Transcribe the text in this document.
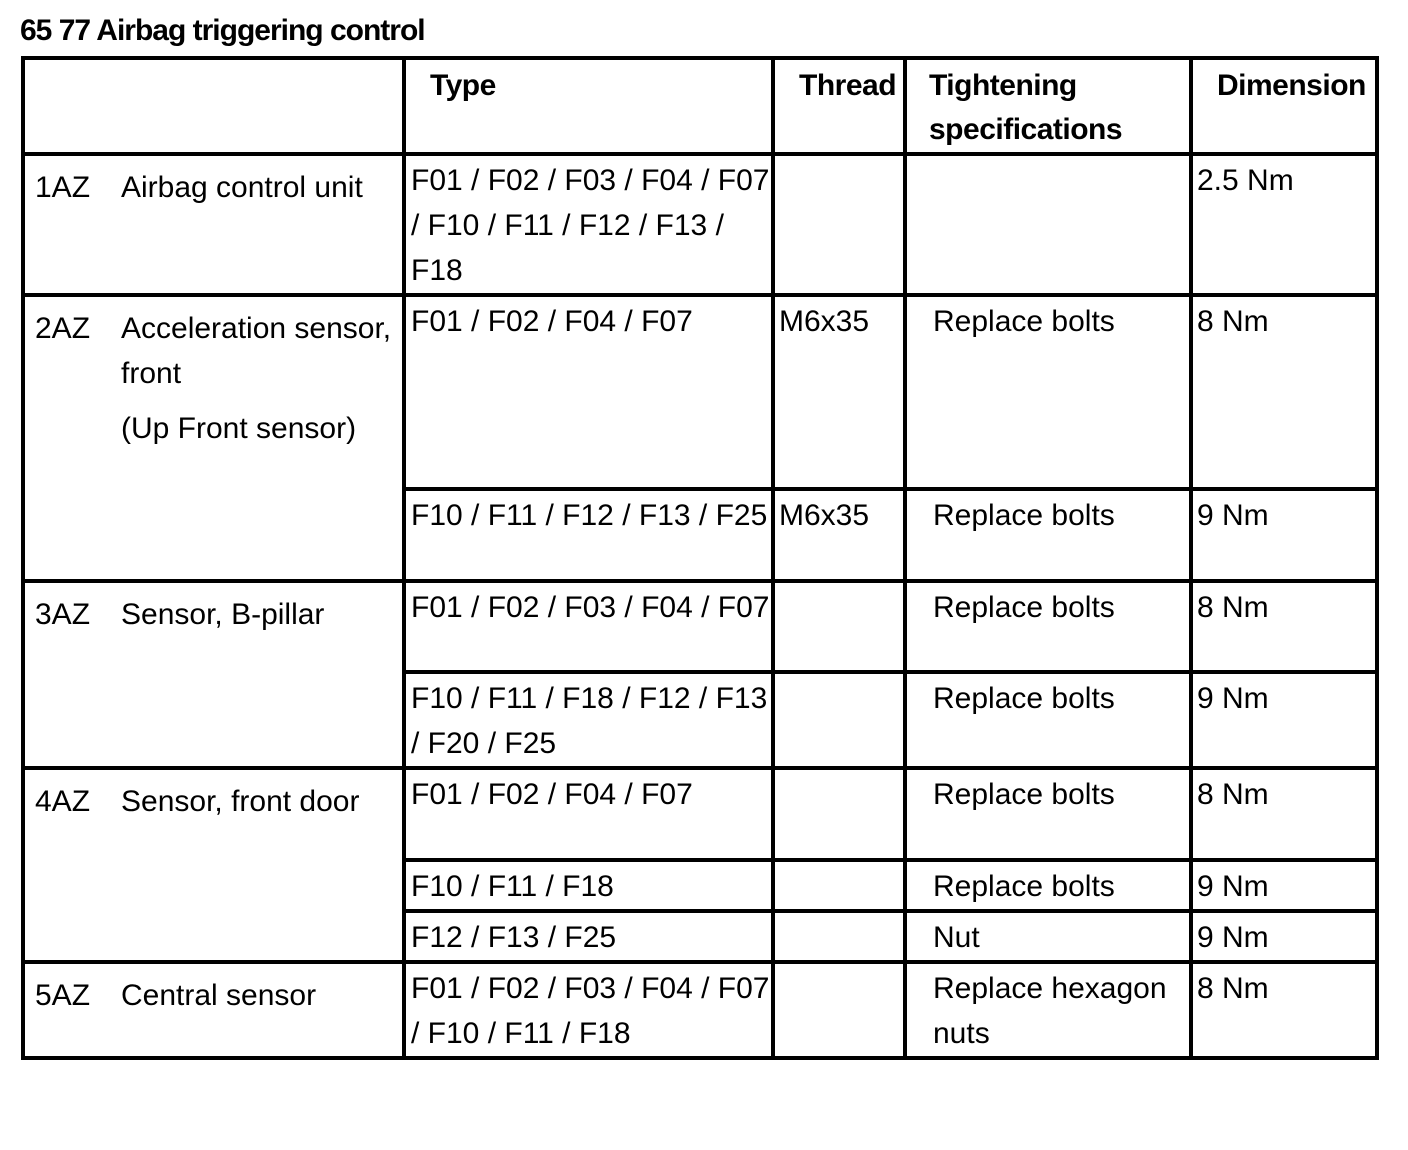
65 77 Airbag triggering control
	Type	Thread	Tightening specifications	Dimension

1AZ Airbag control unit	F01 / F02 / F03 / F04 / F07 / F10 / F11 / F12 / F13 / F18			2.5 Nm

2AZ Acceleration sensor, front
(Up Front sensor)	F01 / F02 / F04 / F07	M6x35	Replace bolts	8 Nm
	F10 / F11 / F12 / F13 / F25	M6x35	Replace bolts	9 Nm

3AZ Sensor, B-pillar	F01 / F02 / F03 / F04 / F07		Replace bolts	8 Nm
	F10 / F11 / F18 / F12 / F13 / F20 / F25		Replace bolts	9 Nm

4AZ Sensor, front door	F01 / F02 / F04 / F07		Replace bolts	8 Nm
	F10 / F11 / F18		Replace bolts	9 Nm
	F12 / F13 / F25		Nut	9 Nm

5AZ Central sensor	F01 / F02 / F03 / F04 / F07 / F10 / F11 / F18		Replace hexagon nuts	8 Nm
